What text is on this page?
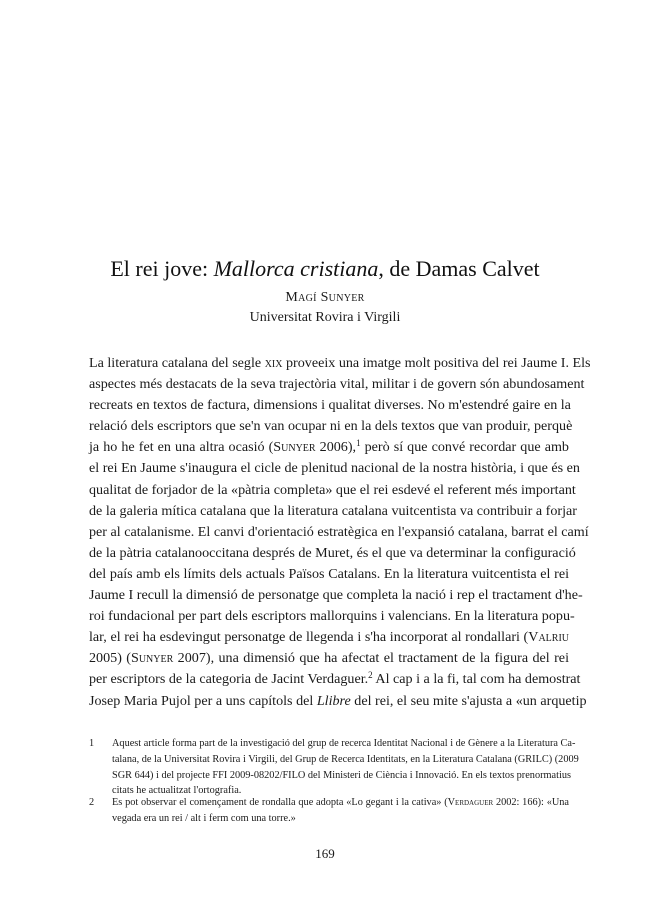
El rei jove: Mallorca cristiana, de Damas Calvet
Magí Sunyer
Universitat Rovira i Virgili
La literatura catalana del segle xix proveeix una imatge molt positiva del rei Jaume I. Els
aspectes més destacats de la seva trajectòria vital, militar i de govern són abundosament
recreats en textos de factura, dimensions i qualitat diverses. No m'estendré gaire en la
relació dels escriptors que se'n van ocupar ni en la dels textos que van produir, perquè
ja ho he fet en una altra ocasió (Sunyer 2006),$^1$ però sí que convé recordar que amb
el rei En Jaume s'inaugura el cicle de plenitud nacional de la nostra història, i que és en
qualitat de forjador de la «pàtria completa» que el rei esdevé el referent més important
de la galeria mítica catalana que la literatura catalana vuitcentista va contribuir a forjar
per al catalanisme. El canvi d'orientació estratègica en l'expansió catalana, barrat el camí
de la pàtria catalanooccitana després de Muret, és el que va determinar la configuració
del país amb els límits dels actuals Països Catalans. En la literatura vuitcentista el rei
Jaume I recull la dimensió de personatge que completa la nació i rep el tractament d'he-
roi fundacional per part dels escriptors mallorquins i valencians. En la literatura popu-
lar, el rei ha esdevingut personatge de llegenda i s'ha incorporat al rondallari (Valriu
2005) (Sunyer 2007), una dimensió que ha afectat el tractament de la figura del rei
per escriptors de la categoria de Jacint Verdaguer.$^2$ Al cap i a la fi, tal com ha demostrat
Josep Maria Pujol per a uns capítols del Llibre del rei, el seu mite s'ajusta a «un arquetip
1 Aquest article forma part de la investigació del grup de recerca Identitat Nacional i de Gènere a la Literatura Ca-
talana, de la Universitat Rovira i Virgili, del Grup de Recerca Identitats, en la Literatura Catalana (GRILC) (2009
SGR 644) i del projecte FFI 2009-08202/FILO del Ministeri de Ciència i Innovació. En els textos prenormatius
citats he actualitzat l'ortografia.
2 Es pot observar el començament de rondalla que adopta «Lo gegant i la cativa» (Verdaguer 2002: 166): «Una
vegada era un rei / alt i ferm com una torre.»
169
